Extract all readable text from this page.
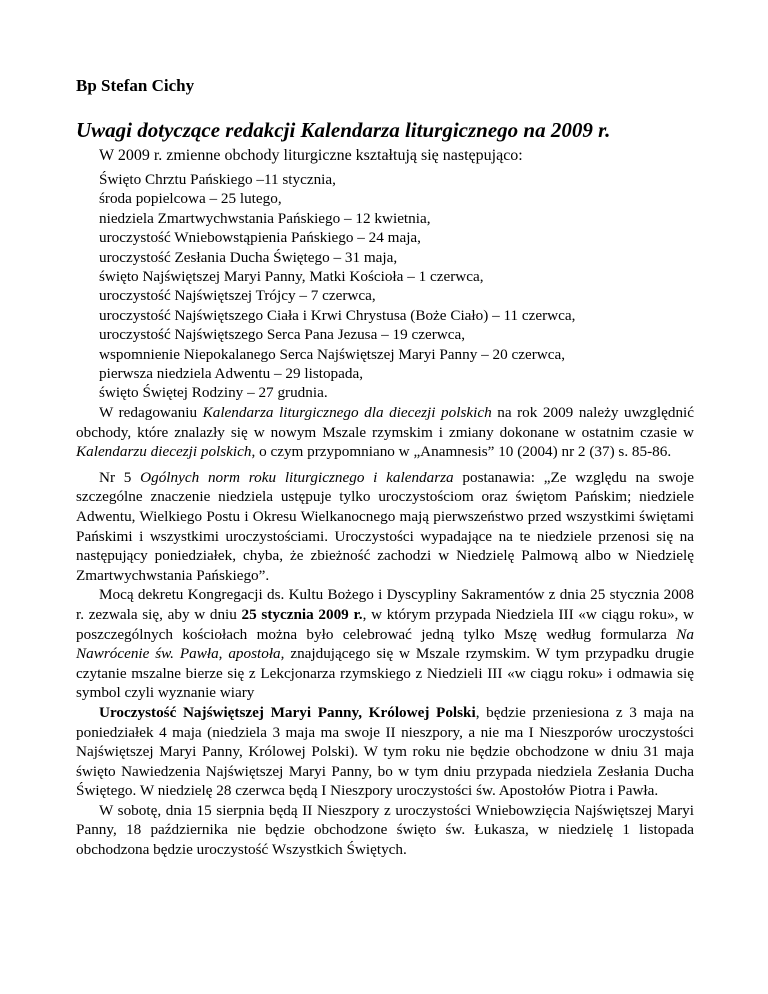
Bp Stefan Cichy
Uwagi dotyczące redakcji Kalendarza liturgicznego na 2009 r.
W 2009 r. zmienne obchody liturgiczne kształtują się następująco:
Święto Chrztu Pańskiego –11 stycznia,
środa popielcowa – 25 lutego,
niedziela Zmartwychwstania Pańskiego – 12 kwietnia,
uroczystość Wniebowstąpienia Pańskiego – 24 maja,
uroczystość Zesłania Ducha Świętego – 31 maja,
święto Najświętszej Maryi Panny, Matki Kościoła – 1 czerwca,
uroczystość Najświętszej Trójcy – 7 czerwca,
uroczystość Najświętszego Ciała i Krwi Chrystusa (Boże Ciało) – 11 czerwca,
uroczystość Najświętszego Serca Pana Jezusa – 19 czerwca,
wspomnienie Niepokalanego Serca Najświętszej Maryi Panny – 20 czerwca,
pierwsza niedziela Adwentu – 29 listopada,
święto Świętej Rodziny – 27 grudnia.

W redagowaniu Kalendarza liturgicznego dla diecezji polskich na rok 2009 należy uwzględnić obchody, które znalazły się w nowym Mszale rzymskim i zmiany dokonane w ostatnim czasie w Kalendarzu diecezji polskich, o czym przypomniano w „Anamnesis” 10 (2004) nr 2 (37) s. 85-86.

Nr 5 Ogólnych norm roku liturgicznego i kalendarza postanawia: „Ze względu na swoje szczególne znaczenie niedziela ustępuje tylko uroczystościom oraz świętom Pańskim; niedziele Adwentu, Wielkiego Postu i Okresu Wielkanocnego mają pierwszeństwo przed wszystkimi świętami Pańskimi i wszystkimi uroczystościami. Uroczystości wypadające na te niedziele przenosi się na następujący poniedziałek, chyba, że zbieżność zachodzi w Niedzielę Palmową albo w Niedzielę Zmartwychwstania Pańskiego”.

Mocą dekretu Kongregacji ds. Kultu Bożego i Dyscypliny Sakramentów z dnia 25 stycznia 2008 r. zezwala się, aby w dniu 25 stycznia 2009 r., w którym przypada Niedziela III «w ciągu roku», w poszczególnych kościołach można było celebrować jedną tylko Mszę według formularza Na Nawrócenie św. Pawła, apostoła, znajdującego się w Mszale rzymskim. W tym przypadku drugie czytanie mszalne bierze się z Lekcjonarza rzymskiego z Niedzieli III «w ciągu roku» i odmawia się symbol czyli wyznanie wiary

Uroczystość Najświętszej Maryi Panny, Królowej Polski, będzie przeniesiona z 3 maja na poniedziałek 4 maja (niedziela 3 maja ma swoje II nieszpory, a nie ma I Nieszporów uroczystości Najświętszej Maryi Panny, Królowej Polski). W tym roku nie będzie obchodzone w dniu 31 maja święto Nawiedzenia Najświętszej Maryi Panny, bo w tym dniu przypada niedziela Zesłania Ducha Świętego. W niedzielę 28 czerwca będą I Nieszpory uroczystości św. Apostołów Piotra i Pawła.

W sobotę, dnia 15 sierpnia będą II Nieszpory z uroczystości Wniebowzięcia Najświętszej Maryi Panny, 18 października nie będzie obchodzone święto św. Łukasza, w niedzielę 1 listopada obchodzona będzie uroczystość Wszystkich Świętych.
